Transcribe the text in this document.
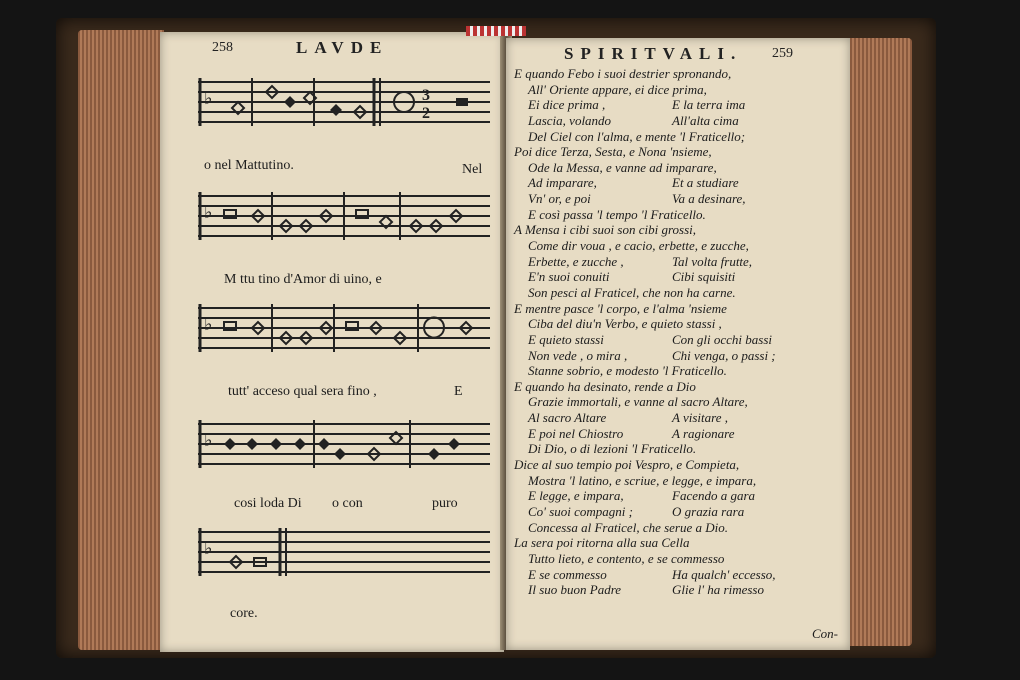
258	LAVDE
♭	3
2
o nel Mattutino.	Nel
♭
M ttu tino d'Amor di uino, e
♭
tutt' acceso qual sera fino ,	E
♭
cosi loda Di o con	puro
♭
core.
SPIRITVALI. 259
E quando Febo i suoi destrier spronando,
All' Oriente appare, ei dice prima,
Ei dice prima ,	E la terra ima
Lascia, volando	All'alta cima
Del Ciel con l'alma, e mente 'l Fraticello;
Poi dice Terza, Sesta, e Nona 'nsieme,
Ode la Messa, e vanne ad imparare,
Ad imparare,	Et a studiare
Vn' or, e poi	Va a desinare,
E così passa 'l tempo 'l Fraticello.
A Mensa i cibi suoi son cibi grossi,
Come dir voua , e cacio, erbette, e zucche,
Erbette, e zucche ,	Tal volta frutte,
E'n suoi conuiti	Cibi squisiti
Son pesci al Fraticel, che non ha carne.
E mentre pasce 'l corpo, e l'alma 'nsieme
Ciba del diu'n Verbo, e quieto stassi ,
E quieto stassi	Con gli occhi bassi
Non vede , o mira ,	Chi venga, o passi ;
Stanne sobrio, e modesto 'l Fraticello.
E quando ha desinato, rende a Dio
Grazie immortali, e vanne al sacro Altare,
Al sacro Altare	A visitare ,
E poi nel Chiostro	A ragionare
Di Dio, o di lezioni 'l Fraticello.
Dice al suo tempio poi Vespro, e Compieta,
Mostra 'l latino, e scriue, e legge, e impara,
E legge, e impara,	Facendo a gara
Co' suoi compagni ;	O grazia rara
Concessa al Fraticel, che serue a Dio.
La sera poi ritorna alla sua Cella
Tutto lieto, e contento, e se commesso
E se commesso	Ha qualch' eccesso,
Il suo buon Padre	Glie l' ha rimesso
Con-
